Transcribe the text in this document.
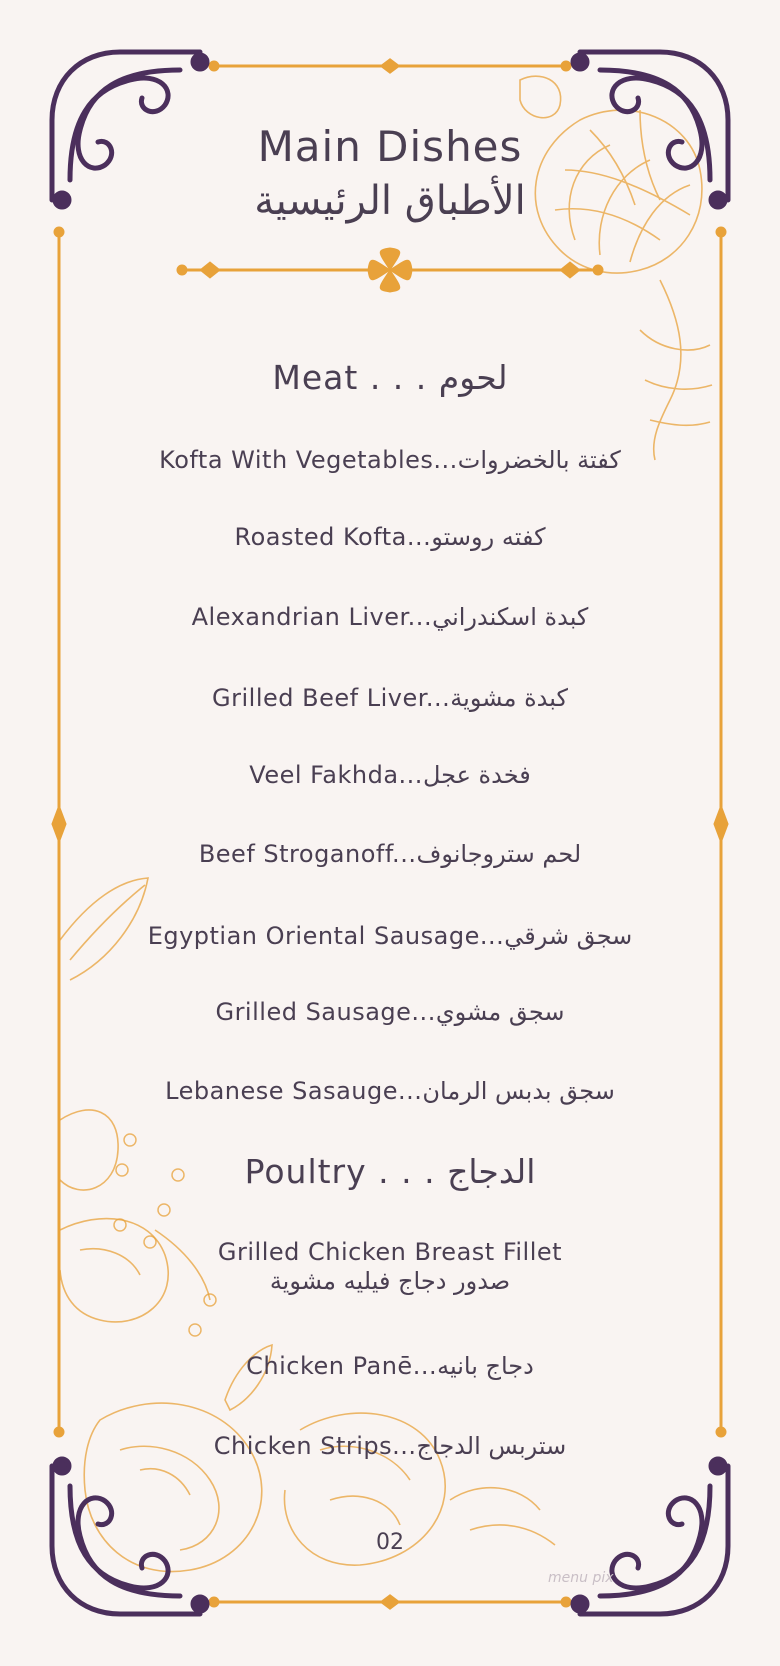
Main Dishes
الأطباق الرئيسية
Meat . . . لحوم
Kofta With Vegetables...كفتة بالخضروات
Roasted Kofta...كفته روستو
Alexandrian Liver...كبدة اسكندراني
Grilled Beef Liver...كبدة مشوية
Veel Fakhda...فخدة عجل
Beef Stroganoff...لحم ستروجانوف
Egyptian Oriental Sausage...سجق شرقي
Grilled Sausage...سجق مشوي
Lebanese Sasauge...سجق بدبس الرمان
Poultry . . . الدجاج
Grilled Chicken Breast Fillet
صدور دجاج فيليه مشوية
Chicken Panē...دجاج بانيه
Chicken Strips...ستربس الدجاج
02
menu pix
